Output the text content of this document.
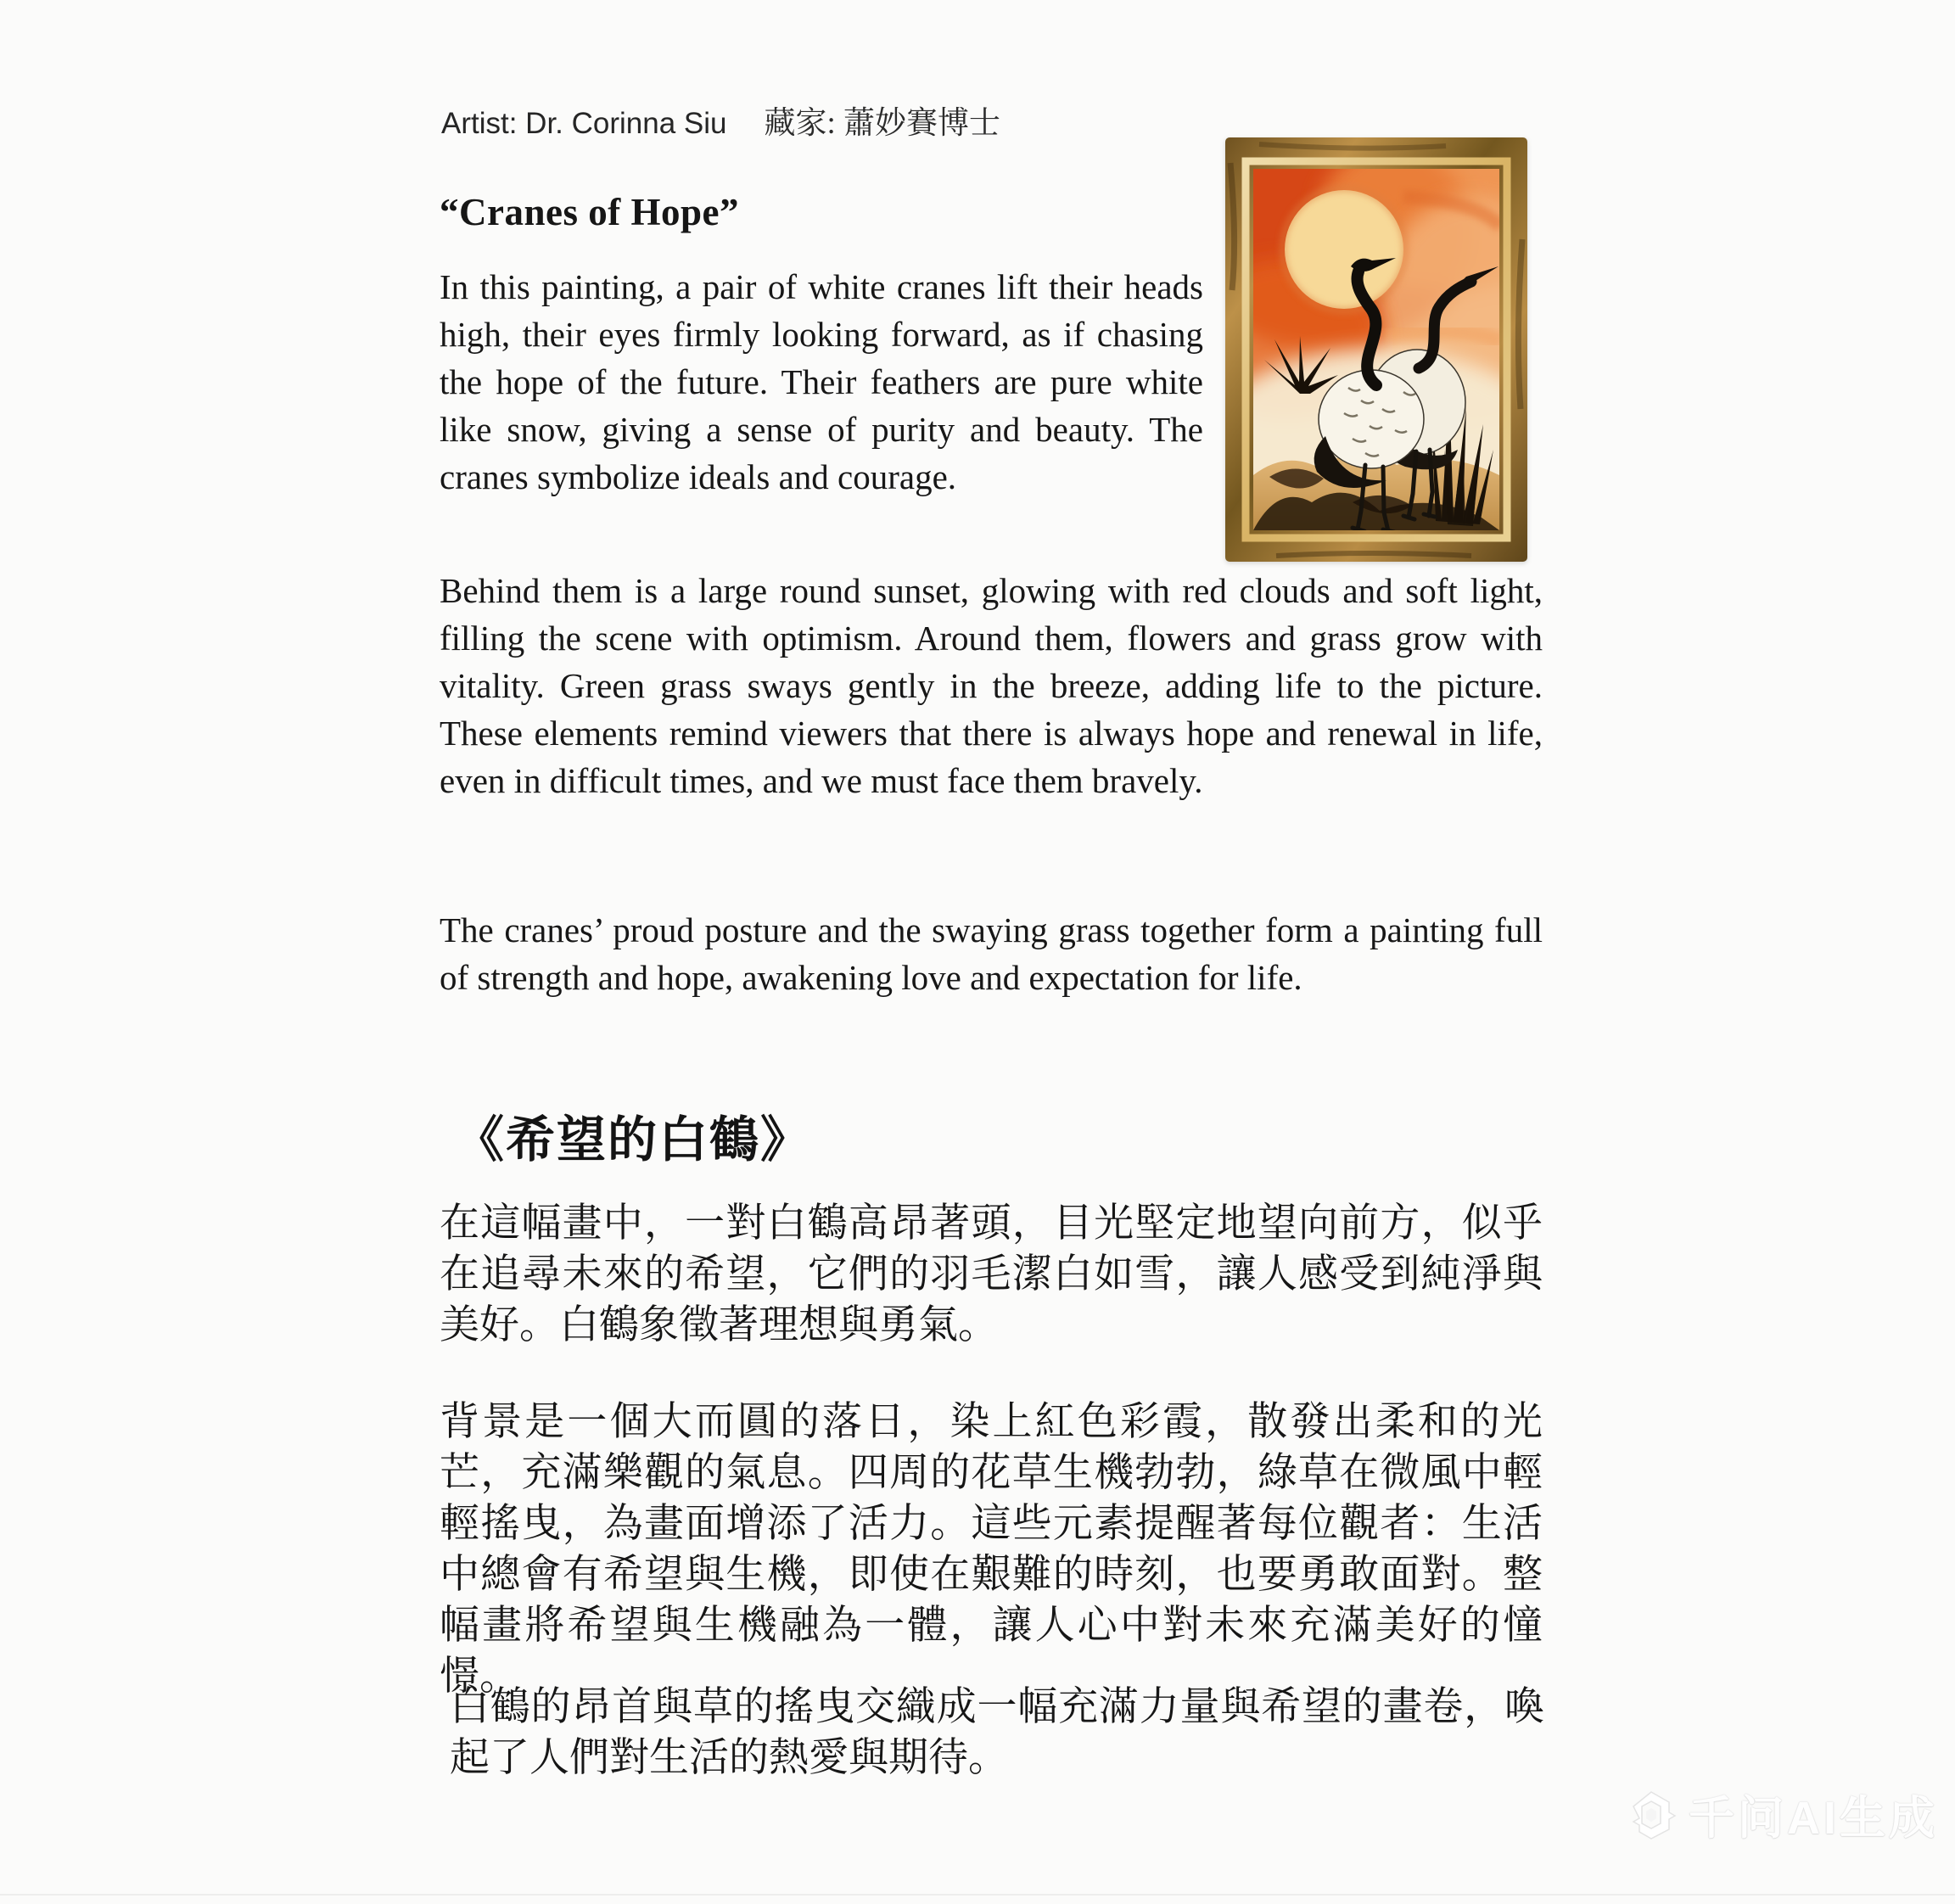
Artist: Dr. Corinna Siu 藏家: 蕭妙賽博士
“Cranes of Hope”

In this painting, a pair of white cranes lift their heads high, their eyes firmly looking forward, as if chasing the hope of the future. Their feathers are pure white like snow, giving a sense of purity and beauty. The cranes symbolize ideals and courage.

Behind them is a large round sunset, glowing with red clouds and soft light, filling the scene with optimism. Around them, flowers and grass grow with vitality. Green grass sways gently in the breeze, adding life to the picture. These elements remind viewers that there is always hope and renewal in life, even in difficult times, and we must face them bravely.

The cranes’ proud posture and the swaying grass together form a painting full of strength and hope, awakening love and expectation for life.

《希望的白鶴》

在這幅畫中，一對白鶴高昂著頭，目光堅定地望向前方，似乎在追尋未來的希望，它們的羽毛潔白如雪，讓人感受到純淨與美好。白鶴象徵著理想與勇氣。

背景是一個大而圓的落日，染上紅色彩霞，散發出柔和的光芒，充滿樂觀的氣息。四周的花草生機勃勃，綠草在微風中輕輕搖曳，為畫面增添了活力。這些元素提醒著每位觀者：生活中總會有希望與生機，即使在艱難的時刻，也要勇敢面對。整幅畫將希望與生機融為一體，讓人心中對未來充滿美好的憧憬。

白鶴的昂首與草的搖曳交織成一幅充滿力量與希望的畫卷，喚起了人們對生活的熱愛與期待。

千问AI生成
